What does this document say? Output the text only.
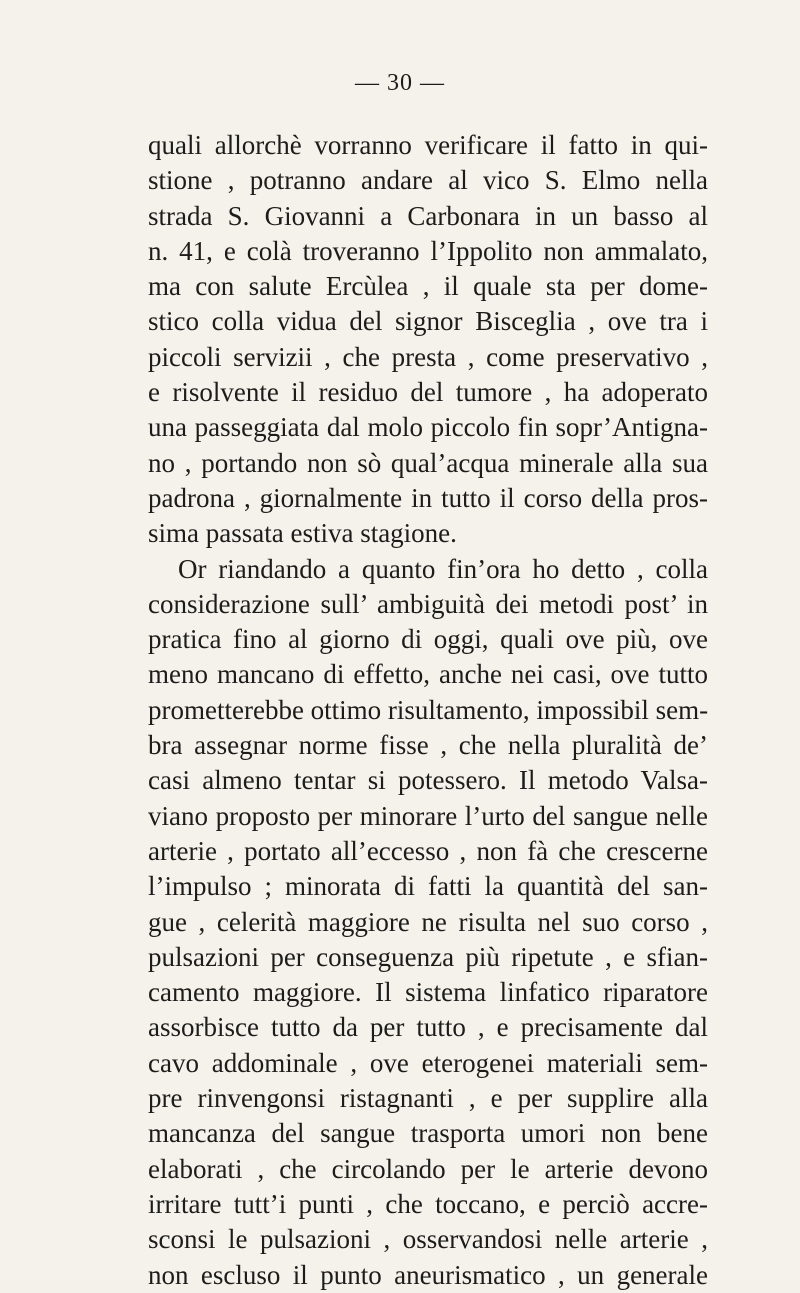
— 30 —
quali allorchè vorranno verificare il fatto in qui-
stione , potranno andare al vico S. Elmo nella
strada S. Giovanni a Carbonara in un basso al
n. 41, e colà troveranno l’Ippolito non ammalato,
ma con salute Ercùlea , il quale sta per dome-
stico colla vidua del signor Bisceglia , ove tra i
piccoli servizii , che presta , come preservativo ,
e risolvente il residuo del tumore , ha adoperato
una passeggiata dal molo piccolo fin sopr’Antigna-
no , portando non sò qual’acqua minerale alla sua
padrona , giornalmente in tutto il corso della pros-
sima passata estiva stagione.
Or riandando a quanto fin’ora ho detto , colla
considerazione sull’ ambiguità dei metodi post’ in
pratica fino al giorno di oggi, quali ove più, ove
meno mancano di effetto, anche nei casi, ove tutto
prometterebbe ottimo risultamento, impossibil sem-
bra assegnar norme fisse , che nella pluralità de’
casi almeno tentar si potessero. Il metodo Valsa-
viano proposto per minorare l’urto del sangue nelle
arterie , portato all’eccesso , non fà che crescerne
l’impulso ; minorata di fatti la quantità del san-
gue , celerità maggiore ne risulta nel suo corso ,
pulsazioni per conseguenza più ripetute , e sfian-
camento maggiore. Il sistema linfatico riparatore
assorbisce tutto da per tutto , e precisamente dal
cavo addominale , ove eterogenei materiali sem-
pre rinvengonsi ristagnanti , e per supplire alla
mancanza del sangue trasporta umori non bene
elaborati , che circolando per le arterie devono
irritare tutt’i punti , che toccano, e perciò accre-
sconsi le pulsazioni , osservandosi nelle arterie ,
non escluso il punto aneurismatico , un generale
